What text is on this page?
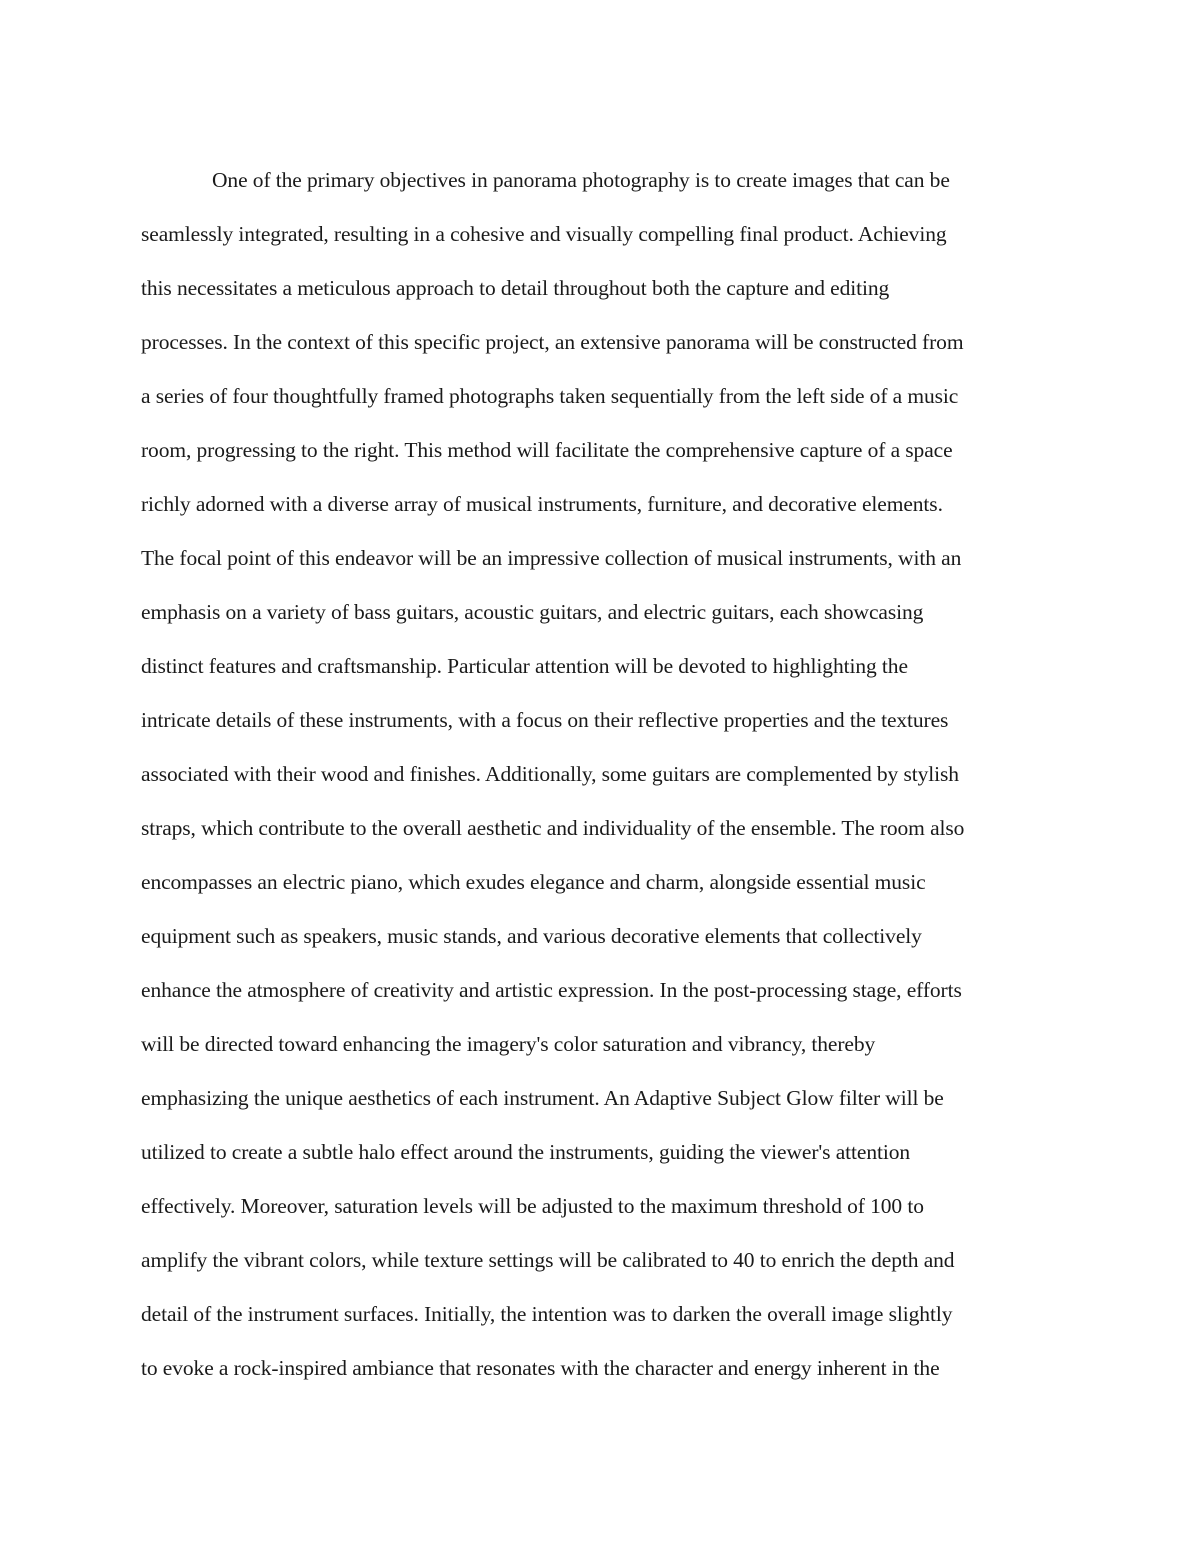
One of the primary objectives in panorama photography is to create images that can be
seamlessly integrated, resulting in a cohesive and visually compelling final product. Achieving
this necessitates a meticulous approach to detail throughout both the capture and editing
processes. In the context of this specific project, an extensive panorama will be constructed from
a series of four thoughtfully framed photographs taken sequentially from the left side of a music
room, progressing to the right. This method will facilitate the comprehensive capture of a space
richly adorned with a diverse array of musical instruments, furniture, and decorative elements.
The focal point of this endeavor will be an impressive collection of musical instruments, with an
emphasis on a variety of bass guitars, acoustic guitars, and electric guitars, each showcasing
distinct features and craftsmanship. Particular attention will be devoted to highlighting the
intricate details of these instruments, with a focus on their reflective properties and the textures
associated with their wood and finishes. Additionally, some guitars are complemented by stylish
straps, which contribute to the overall aesthetic and individuality of the ensemble. The room also
encompasses an electric piano, which exudes elegance and charm, alongside essential music
equipment such as speakers, music stands, and various decorative elements that collectively
enhance the atmosphere of creativity and artistic expression. In the post-processing stage, efforts
will be directed toward enhancing the imagery's color saturation and vibrancy, thereby
emphasizing the unique aesthetics of each instrument. An Adaptive Subject Glow filter will be
utilized to create a subtle halo effect around the instruments, guiding the viewer's attention
effectively. Moreover, saturation levels will be adjusted to the maximum threshold of 100 to
amplify the vibrant colors, while texture settings will be calibrated to 40 to enrich the depth and
detail of the instrument surfaces. Initially, the intention was to darken the overall image slightly
to evoke a rock-inspired ambiance that resonates with the character and energy inherent in the
